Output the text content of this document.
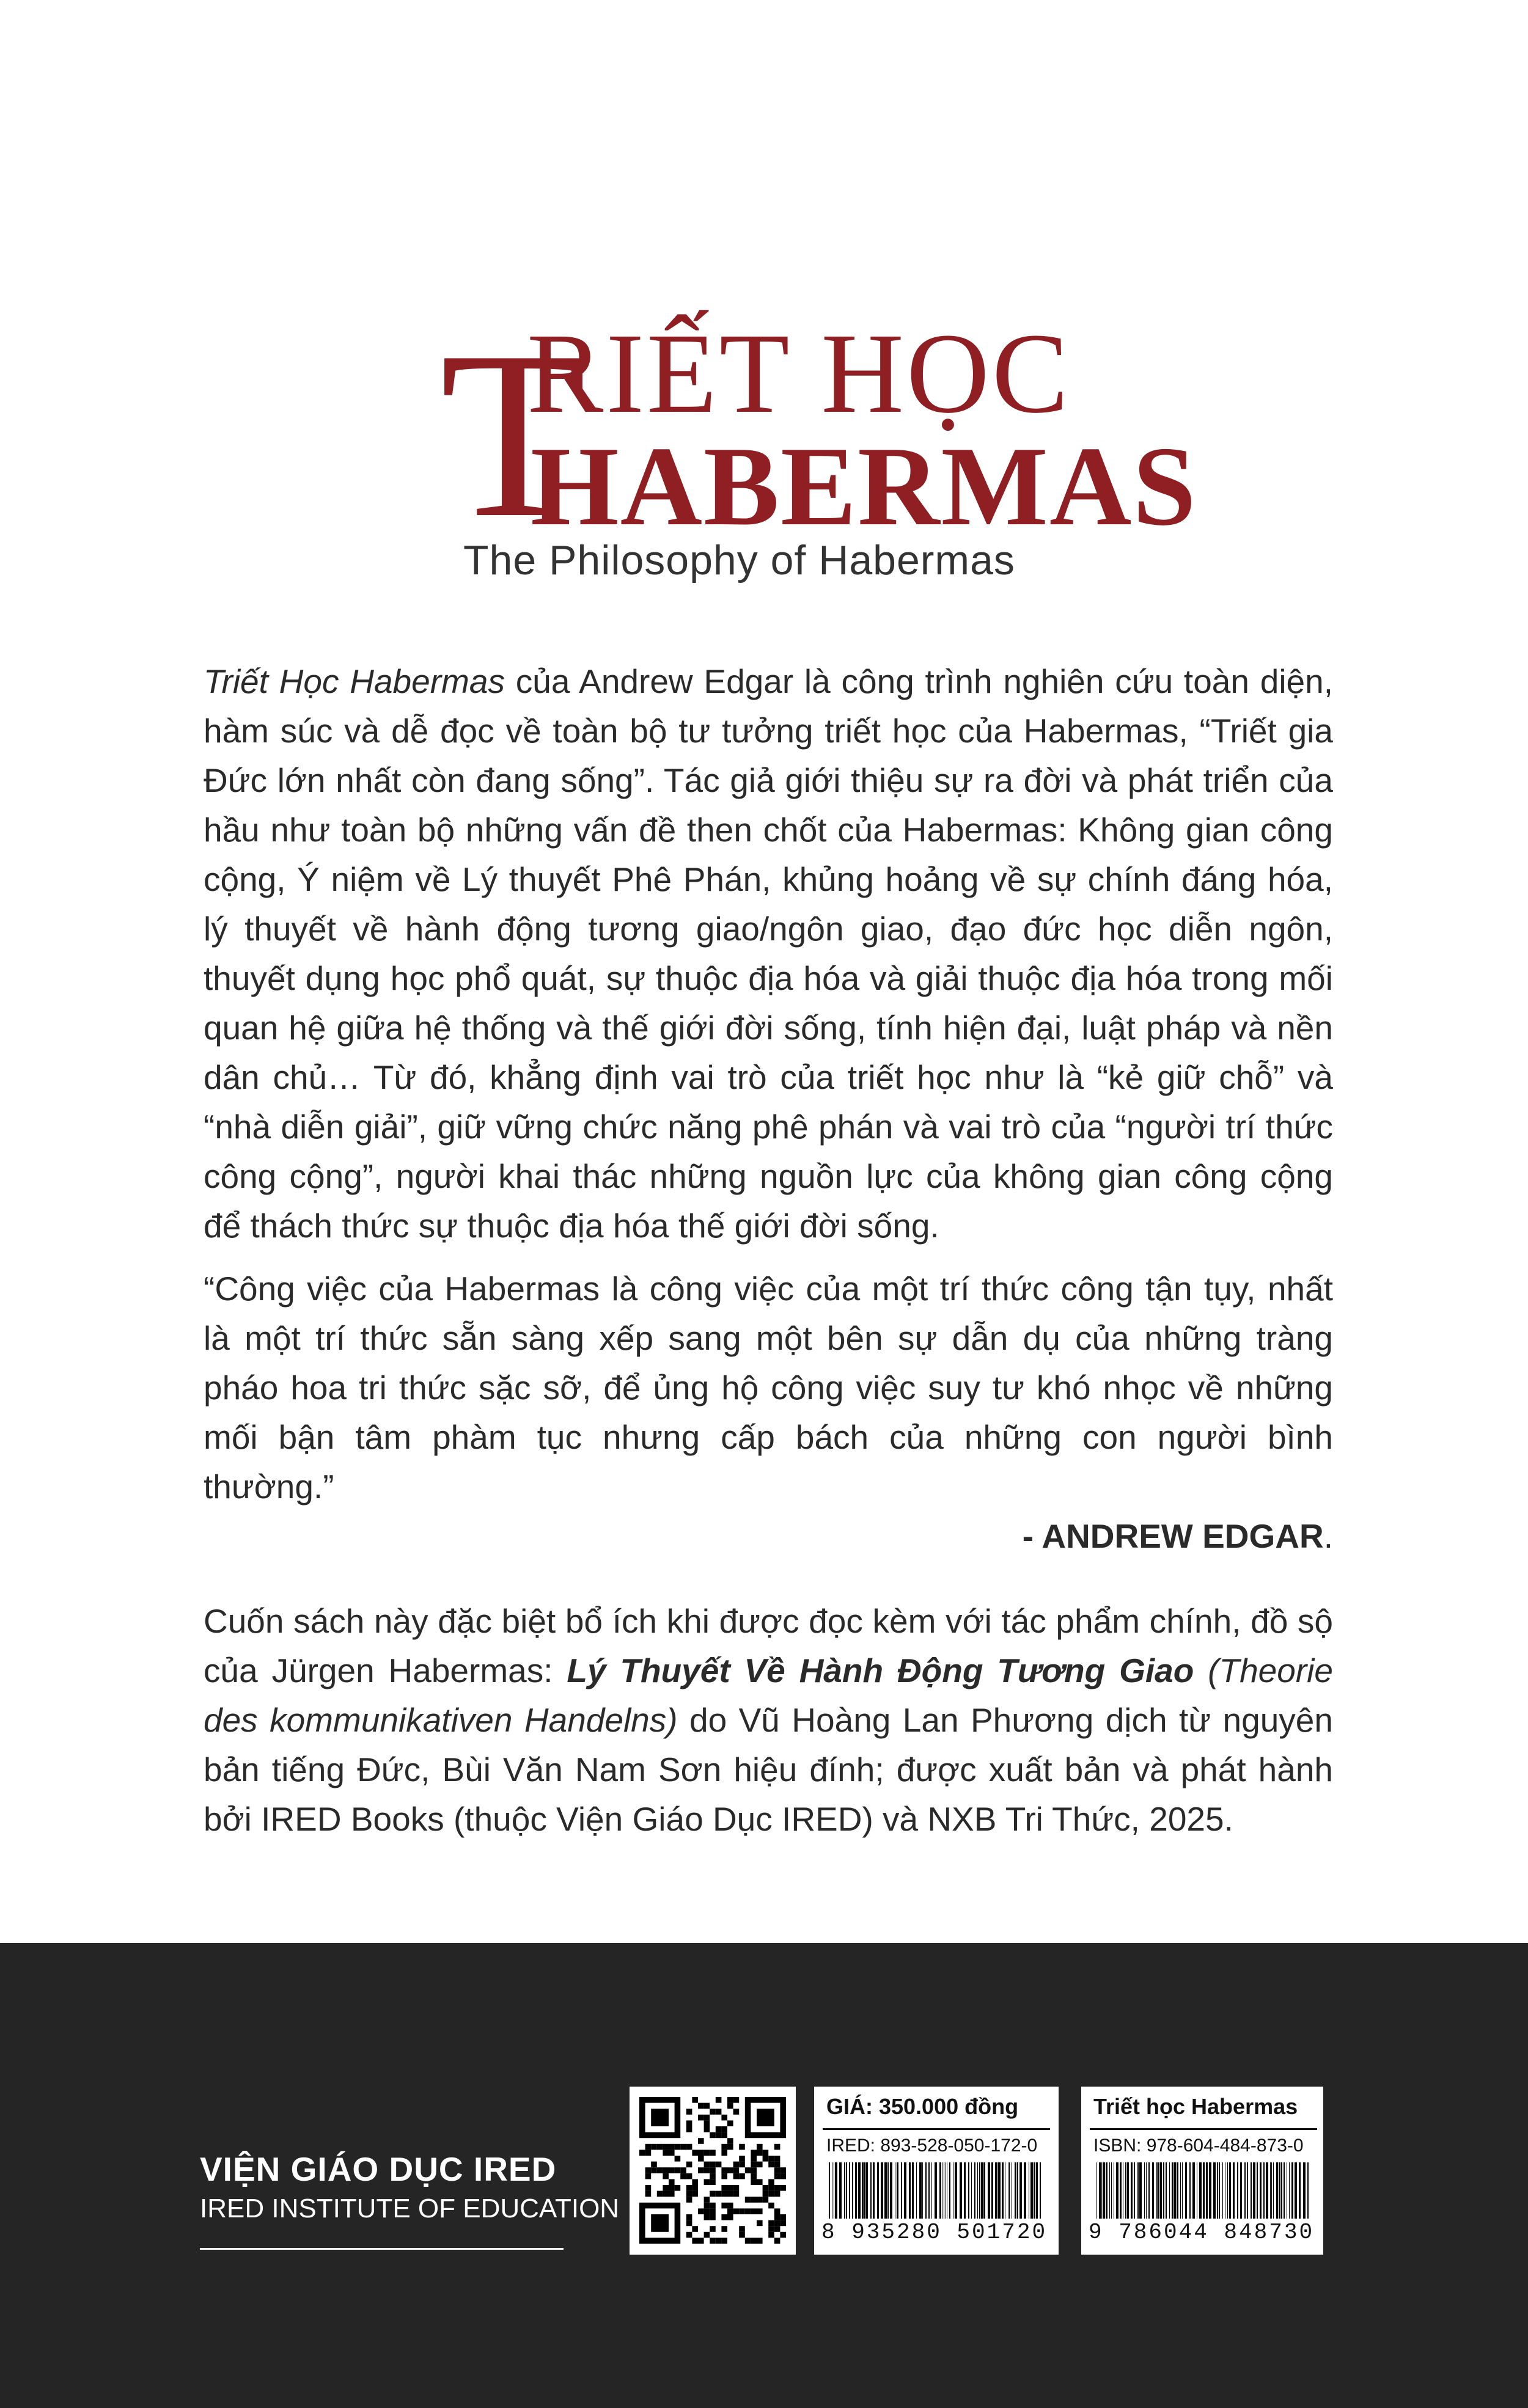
T
RIẾT HỌC
HABERMAS
The Philosophy of Habermas

Triết Học Habermas của Andrew Edgar là công trình nghiên cứu toàn diện, hàm súc và dễ đọc về toàn bộ tư tưởng triết học của Habermas, “Triết gia Đức lớn nhất còn đang sống”. Tác giả giới thiệu sự ra đời và phát triển của hầu như toàn bộ những vấn đề then chốt của Habermas: Không gian công cộng, Ý niệm về Lý thuyết Phê Phán, khủng hoảng về sự chính đáng hóa, lý thuyết về hành động tương giao/ngôn giao, đạo đức học diễn ngôn, thuyết dụng học phổ quát, sự thuộc địa hóa và giải thuộc địa hóa trong mối quan hệ giữa hệ thống và thế giới đời sống, tính hiện đại, luật pháp và nền dân chủ… Từ đó, khẳng định vai trò của triết học như là “kẻ giữ chỗ” và “nhà diễn giải”, giữ vững chức năng phê phán và vai trò của “người trí thức công cộng”, người khai thác những nguồn lực của không gian công cộng để thách thức sự thuộc địa hóa thế giới đời sống.

“Công việc của Habermas là công việc của một trí thức công tận tụy, nhất là một trí thức sẵn sàng xếp sang một bên sự dẫn dụ của những tràng pháo hoa tri thức sặc sỡ, để ủng hộ công việc suy tư khó nhọc về những mối bận tâm phàm tục nhưng cấp bách của những con người bình thường.”

- ANDREW EDGAR.

Cuốn sách này đặc biệt bổ ích khi được đọc kèm với tác phẩm chính, đồ sộ của Jürgen Habermas: Lý Thuyết Về Hành Động Tương Giao (Theorie des kommunikativen Handelns) do Vũ Hoàng Lan Phương dịch từ nguyên bản tiếng Đức, Bùi Văn Nam Sơn hiệu đính; được xuất bản và phát hành bởi IRED Books (thuộc Viện Giáo Dục IRED) và NXB Tri Thức, 2025.

VIỆN GIÁO DỤC IRED
IRED INSTITUTE OF EDUCATION
GIÁ: 350.000 đồng
IRED: 893-528-050-172-0
8 935280 501720
Triết học Habermas
ISBN: 978-604-484-873-0
9 786044 848730
